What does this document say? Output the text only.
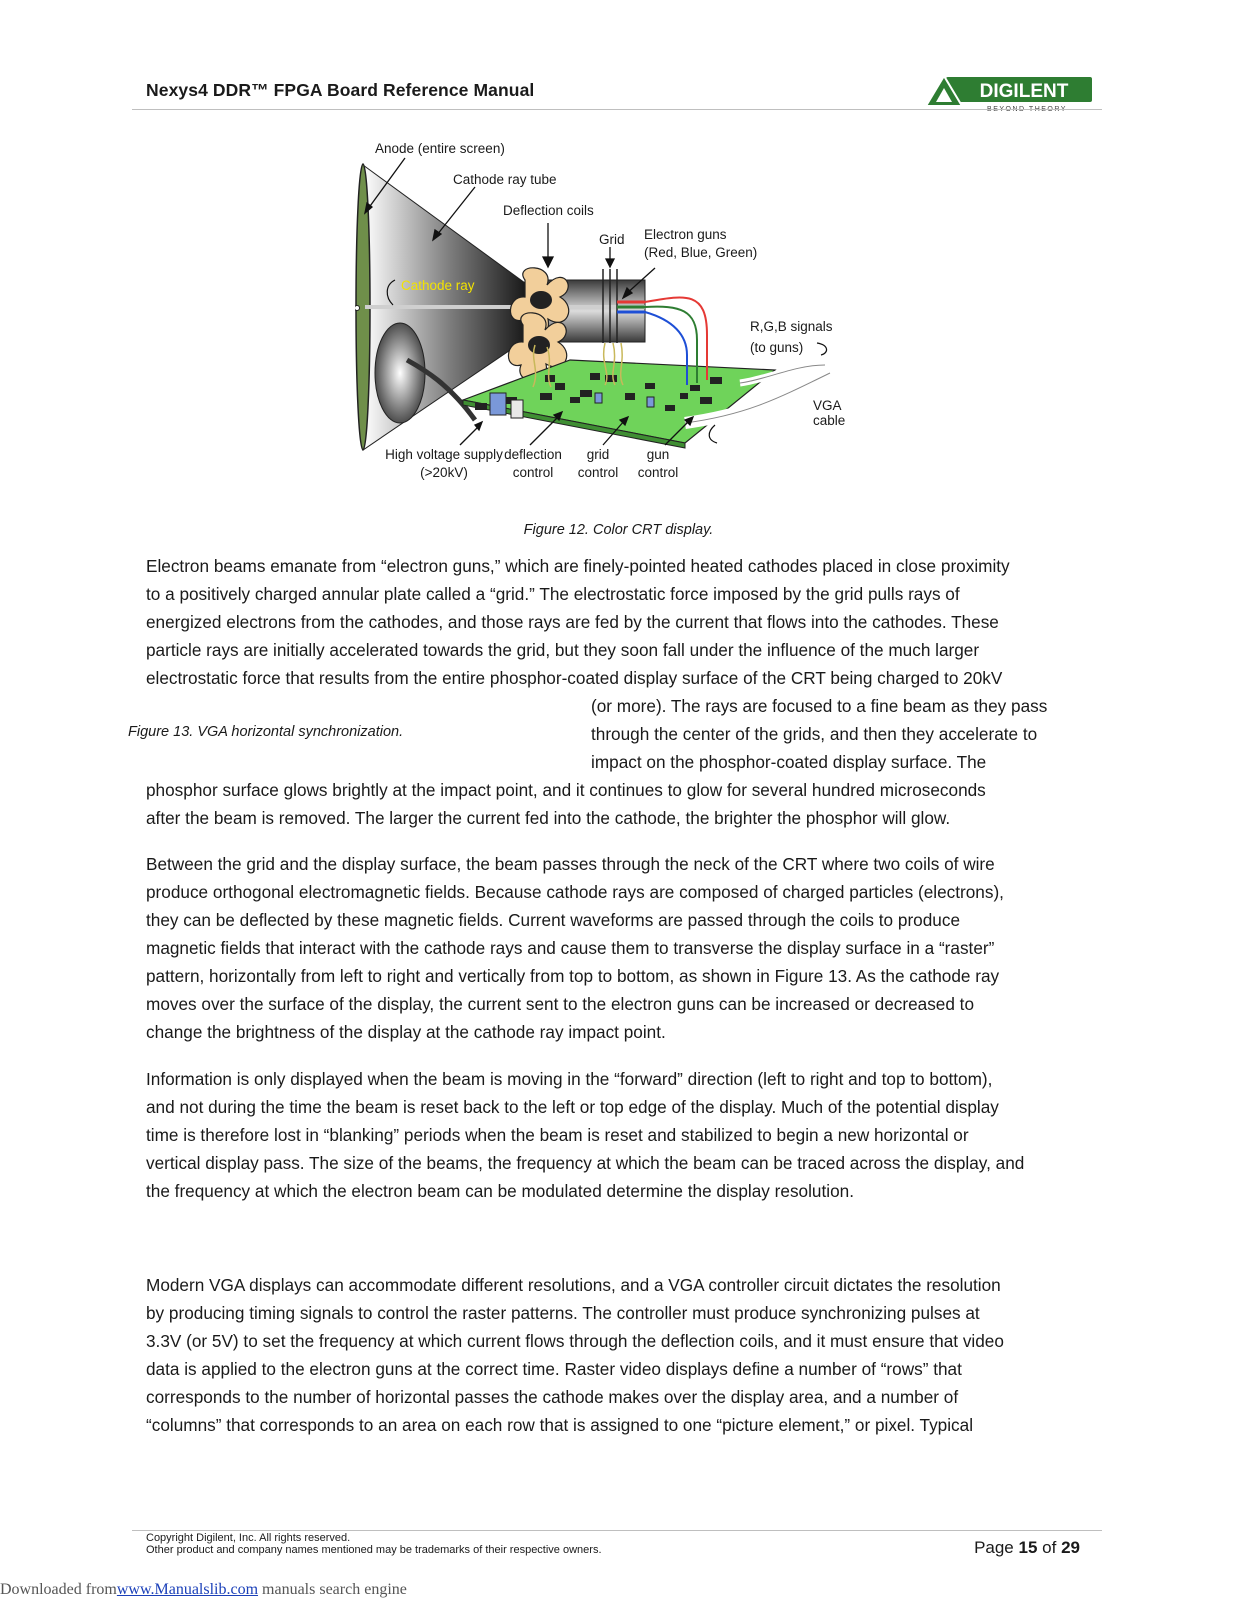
Nexys4 DDR™ FPGA Board Reference Manual	DIGILENT
Anode (entire screen)
Cathode ray tube
Deflection coils
Grid Electron guns
(Red, Blue, Green)
Cathode ray
R,G,B signals
(to guns)
VGA
cable
High voltage supply
(>20kV)
deflection
control
grid
control
gun
control
Figure 12. Color CRT display.
Electron beams emanate from “electron guns,” which are finely-pointed heated cathodes placed in close proximity
to a positively charged annular plate called a “grid.” The electrostatic force imposed by the grid pulls rays of
energized electrons from the cathodes, and those rays are fed by the current that flows into the cathodes. These
particle rays are initially accelerated towards the grid, but they soon fall under the influence of the much larger
electrostatic force that results from the entire phosphor-coated display surface of the CRT being charged to 20kV
(or more). The rays are focused to a fine beam as they pass
through the center of the grids, and then they accelerate to
impact on the phosphor-coated display surface. The
phosphor surface glows brightly at the impact point, and it continues to glow for several hundred microseconds
after the beam is removed. The larger the current fed into the cathode, the brighter the phosphor will glow.
Figure 13. VGA horizontal synchronization.
Between the grid and the display surface, the beam passes through the neck of the CRT where two coils of wire
produce orthogonal electromagnetic fields. Because cathode rays are composed of charged particles (electrons),
they can be deflected by these magnetic fields. Current waveforms are passed through the coils to produce
magnetic fields that interact with the cathode rays and cause them to transverse the display surface in a “raster”
pattern, horizontally from left to right and vertically from top to bottom, as shown in Figure 13. As the cathode ray
moves over the surface of the display, the current sent to the electron guns can be increased or decreased to
change the brightness of the display at the cathode ray impact point.
Information is only displayed when the beam is moving in the “forward” direction (left to right and top to bottom),
and not during the time the beam is reset back to the left or top edge of the display. Much of the potential display
time is therefore lost in “blanking” periods when the beam is reset and stabilized to begin a new horizontal or
vertical display pass. The size of the beams, the frequency at which the beam can be traced across the display, and
the frequency at which the electron beam can be modulated determine the display resolution.
Modern VGA displays can accommodate different resolutions, and a VGA controller circuit dictates the resolution
by producing timing signals to control the raster patterns. The controller must produce synchronizing pulses at
3.3V (or 5V) to set the frequency at which current flows through the deflection coils, and it must ensure that video
data is applied to the electron guns at the correct time. Raster video displays define a number of “rows” that
corresponds to the number of horizontal passes the cathode makes over the display area, and a number of
“columns” that corresponds to an area on each row that is assigned to one “picture element,” or pixel. Typical
Copyright Digilent, Inc. All rights reserved.
Other product and company names mentioned may be trademarks of their respective owners.	Page 15 of 29
Downloaded fromwww.Manualslib.com manuals search engine
